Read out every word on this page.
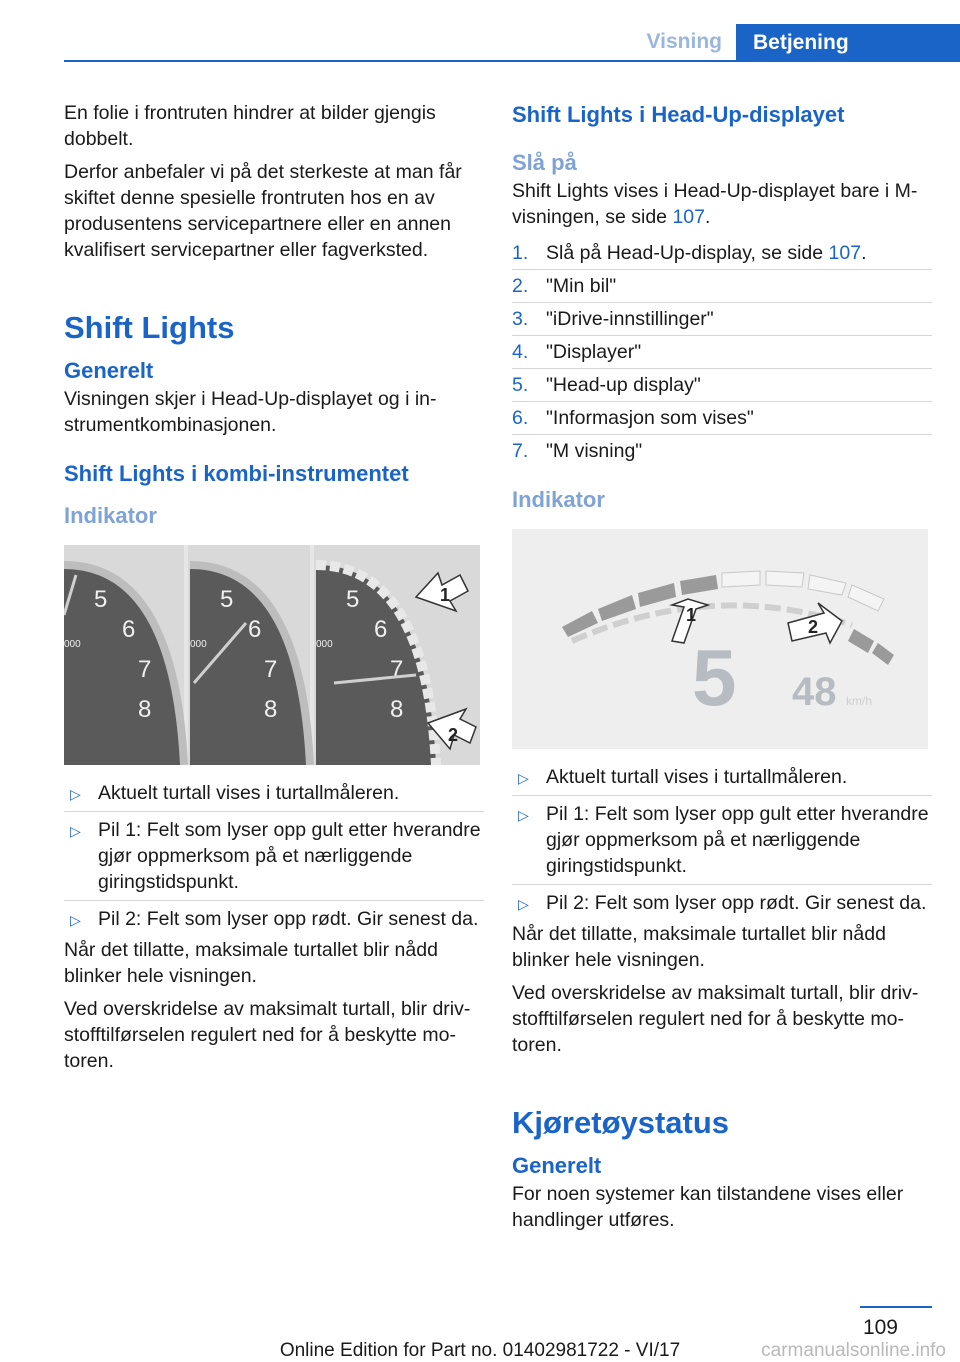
Visning	Betjening

En folie i frontruten hindrer at bilder gjengis dobbelt.

Derfor anbefaler vi på det sterkeste at man får skiftet denne spesielle frontruten hos en av produsentens servicepartnere eller en annen kvalifisert servicepartner eller fagverksted.

Shift Lights
Generelt

Visningen skjer i Head-Up-displayet og i instrumentkombinasjonen.

Shift Lights i kombi-instrumentet
Indikator
5
6
7
8
000
5
6
7
8
000
5
6
7
8
000
1
2
▷ Aktuelt turtall vises i turtallmåleren.
▷ Pil 1: Felt som lyser opp gult etter hverandre gjør oppmerksom på et nærliggende giringstidspunkt.
▷ Pil 2: Felt som lyser opp rødt. Gir senest da.

Når det tillatte, maksimale turtallet blir nådd blinker hele visningen.

Ved overskridelse av maksimalt turtall, blir drivstofftilførselen regulert ned for å beskytte motoren.

Shift Lights i Head-Up-displayet
Slå på

Shift Lights vises i Head-Up-displayet bare i M-visningen, se side 107.

1. Slå på Head-Up-display, se side 107.
2. "Min bil"
3. "iDrive-innstillinger"
4. "Displayer"
5. "Head-up display"
6. "Informasjon som vises"
7. "M visning"
Indikator
5 48 km/h
1
2
▷ Aktuelt turtall vises i turtallmåleren.
▷ Pil 1: Felt som lyser opp gult etter hverandre gjør oppmerksom på et nærliggende giringstidspunkt.
▷ Pil 2: Felt som lyser opp rødt. Gir senest da.

Når det tillatte, maksimale turtallet blir nådd blinker hele visningen.

Ved overskridelse av maksimalt turtall, blir drivstofftilførselen regulert ned for å beskytte motoren.

Kjøretøystatus
Generelt

For noen systemer kan tilstandene vises eller handlinger utføres.

109
Online Edition for Part no. 01402981722 - VI/17	carmanualsonline.info
